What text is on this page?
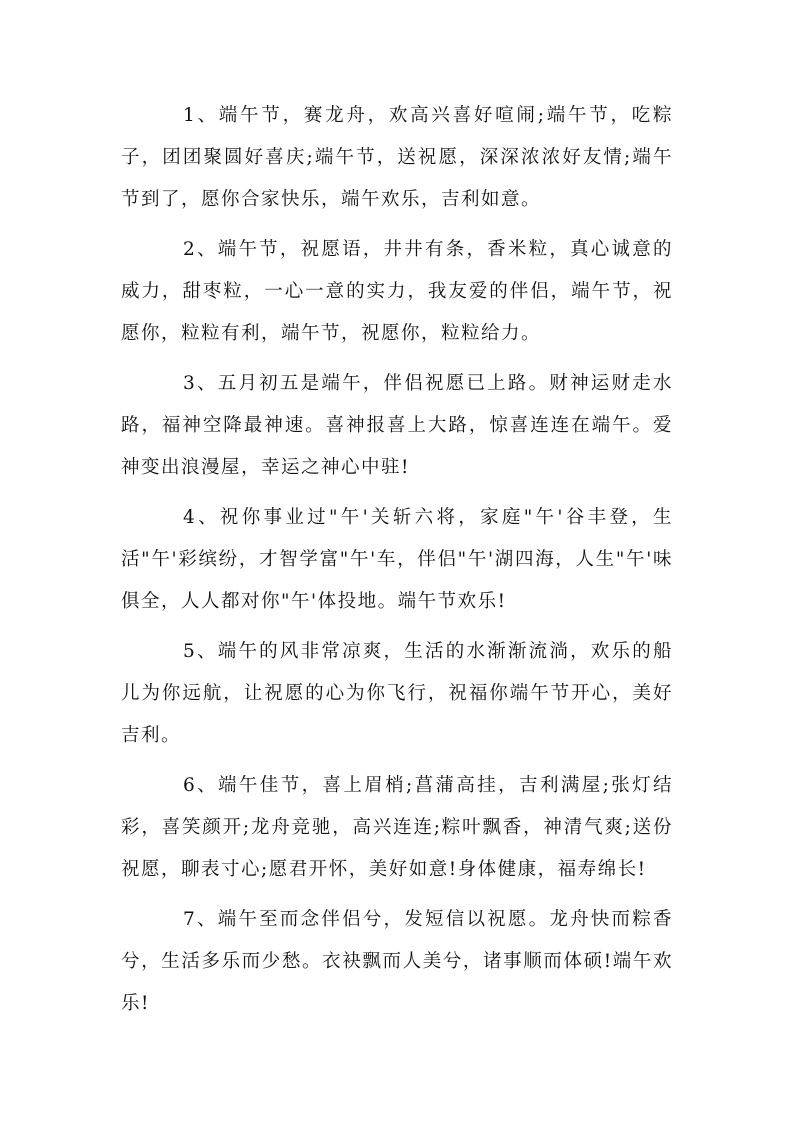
1、端午节，赛龙舟，欢高兴喜好喧闹;端午节，吃粽子，团团聚圆好喜庆;端午节，送祝愿，深深浓浓好友情;端午节到了，愿你合家快乐，端午欢乐，吉利如意。

2、端午节，祝愿语，井井有条，香米粒，真心诚意的威力，甜枣粒，一心一意的实力，我友爱的伴侣，端午节，祝愿你，粒粒有利，端午节，祝愿你，粒粒给力。

3、五月初五是端午，伴侣祝愿已上路。财神运财走水路，福神空降最神速。喜神报喜上大路，惊喜连连在端午。爱神变出浪漫屋，幸运之神心中驻!

4、祝你事业过"午'关斩六将，家庭"午'谷丰登，生活"午'彩缤纷，才智学富"午'车，伴侣"午'湖四海，人生"午'味俱全，人人都对你"午'体投地。端午节欢乐!

5、端午的风非常凉爽，生活的水渐渐流淌，欢乐的船儿为你远航，让祝愿的心为你飞行，祝福你端午节开心，美好吉利。

6、端午佳节，喜上眉梢;菖蒲高挂，吉利满屋;张灯结彩，喜笑颜开;龙舟竞驰，高兴连连;粽叶飘香，神清气爽;送份祝愿，聊表寸心;愿君开怀，美好如意!身体健康，福寿绵长!

7、端午至而念伴侣兮，发短信以祝愿。龙舟快而粽香兮，生活多乐而少愁。衣袂飘而人美兮，诸事顺而体硕!端午欢乐!
